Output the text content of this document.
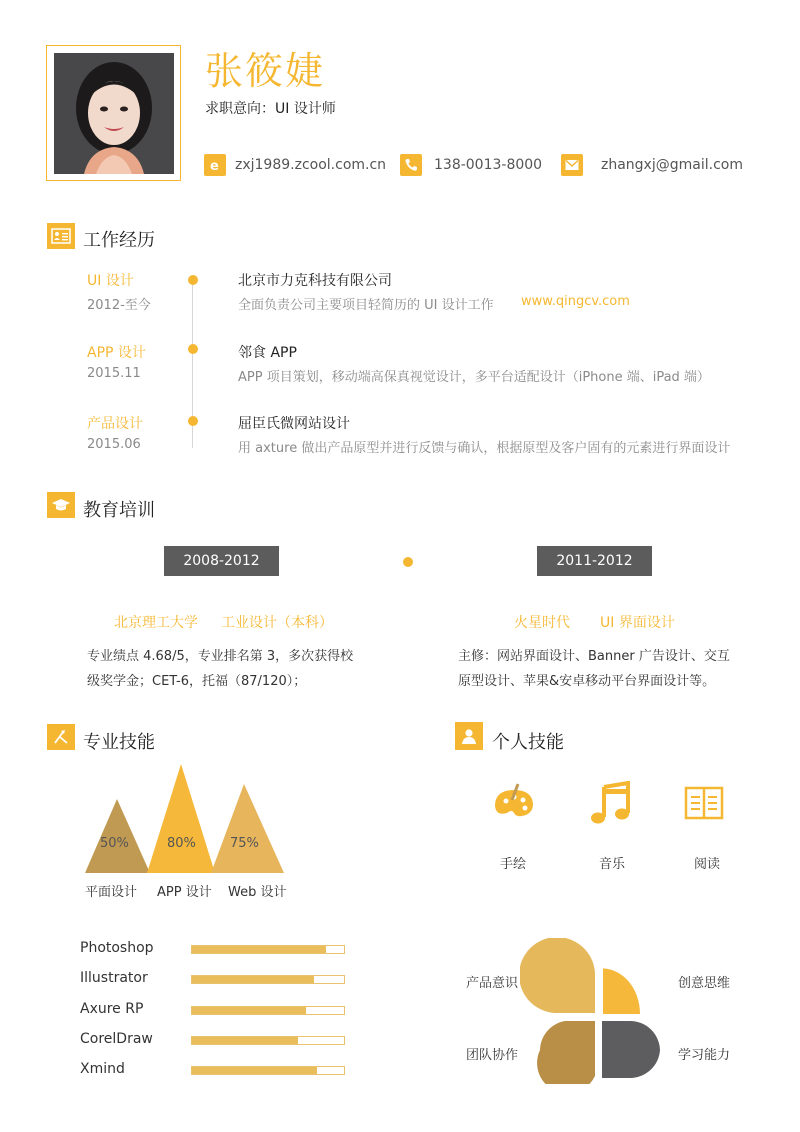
张筱婕
求职意向：UI 设计师
e zxj1989.zcool.com.cn	138-0013-8000	zhangxj@gmail.com
工作经历
UI 设计
2012-至今
北京市力克科技有限公司
全面负责公司主要项目轻简历的 UI 设计工作 www.qingcv.com
APP 设计
2015.11
邻食 APP
APP 项目策划，移动端高保真视觉设计，多平台适配设计（iPhone 端、iPad 端）
产品设计
2015.06
屈臣氏微网站设计
用 axture 做出产品原型并进行反馈与确认，根据原型及客户固有的元素进行界面设计
教育培训
2008-2012	2011-2012
北京理工大学 工业设计（本科）	火星时代 UI 界面设计
专业绩点 4.68/5，专业排名第 3，多次获得校
级奖学金；CET-6，托福（87/120）；
主修：网站界面设计、Banner 广告设计、交互
原型设计、苹果&安卓移动平台界面设计等。
专业技能
50%	80%	75%
平面设计 APP 设计 Web 设计
Photoshop
Illustrator
Axure RP
CorelDraw
Xmind
个人技能
手绘	音乐	阅读
产品意识	创意思维
团队协作	学习能力
